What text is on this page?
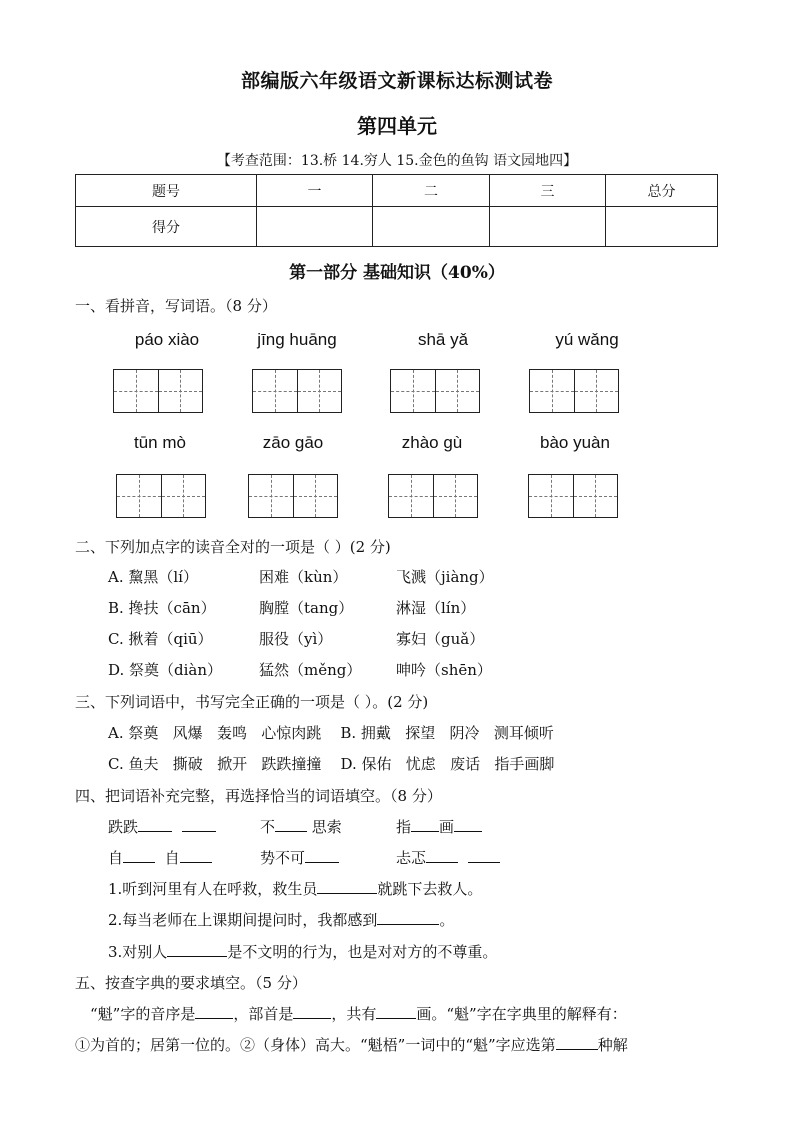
部编版六年级语文新课标达标测试卷
第四单元
【考查范围：13.桥 14.穷人 15.金色的鱼钩 语文园地四】
题号	一	二	三	总分
得分				
第一部分 基础知识（40%）
一、看拼音，写词语。（8 分）
páo xiào	jīng huāng	shā yǎ	yú wǎng
tūn mò	zāo gāo	zhào gù	bào yuàn
二、下列加点字的读音全对的一项是（ ）(2 分)
A. 黧黑（lí）	困难（kùn）	飞溅（jiàng）
B. 搀扶（cān）	胸膛（tang）	淋湿（lín）
C. 揪着（qiū）	服役（yì）	寡妇（guǎ）
D. 祭奠（diàn） 猛然（měng） 呻吟（shēn）
三、下列词语中，书写完全正确的一项是（ ）。(2 分)
A. 祭奠   风爆   轰鸣   心惊肉跳    B. 拥戴   探望   阴冷   测耳倾听
C. 鱼夫   撕破   掀开   跌跌撞撞    D. 保佑   忧虑   废话   指手画脚
四、把词语补充完整，再选择恰当的词语填空。（8 分）
跌跌	不 思索	指 画
自	自	势不可	忐忑
1.听到河里有人在呼救，救生员	就跳下去救人。
2.每当老师在上课期间提问时，我都感到	。
3.对别人	是不文明的行为，也是对对方的不尊重。
五、按查字典的要求填空。（5 分）
“魁”字的音序是	，部首是	，共有	画。“魁”字在字典里的解释有：
①为首的；居第一位的。②（身体）高大。“魁梧”一词中的“魁”字应选第	种解
